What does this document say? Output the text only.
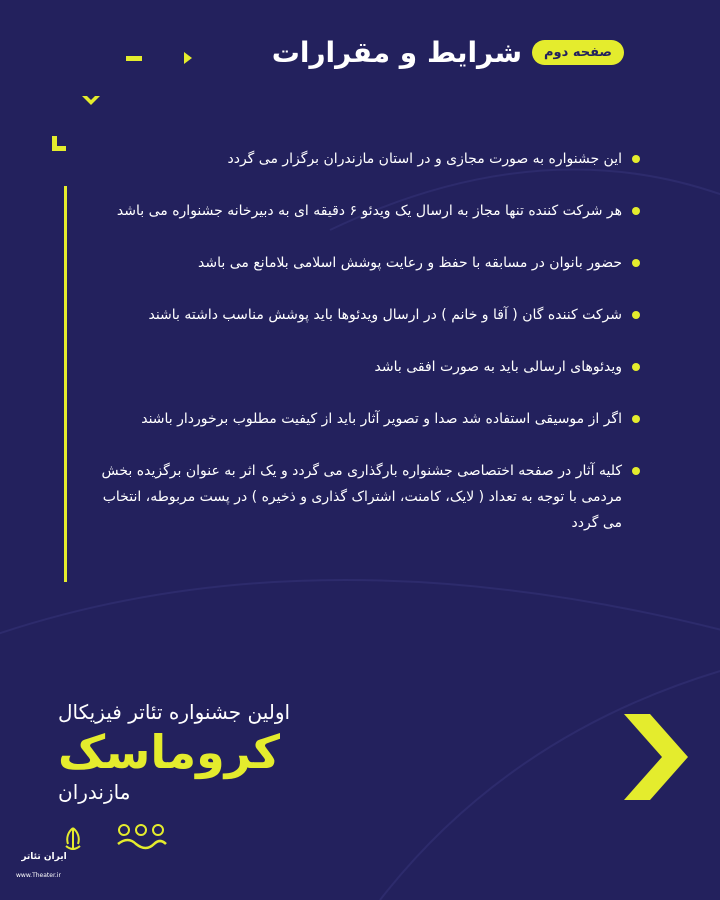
شرایط و مقرارات	صفحه دوم
این جشنواره به صورت مجازی و در استان مازندران برگزار می گردد
هر شرکت کننده تنها مجاز به ارسال یک ویدئو ۶ دقیقه ای به دبیرخانه جشنواره می باشد
حضور بانوان در مسابقه با حفظ و رعایت پوشش اسلامی بلامانع می باشد
شرکت کننده گان ( آقا و خانم ) در ارسال ویدئوها باید پوشش مناسب داشته باشند
ویدئوهای ارسالی باید به صورت افقی باشد
اگر از موسیقی استفاده شد صدا و تصویر آثار باید از کیفیت مطلوب برخوردار باشند
کلیه آثار در صفحه اختصاصی جشنواره بارگذاری می گردد و یک اثر به عنوان برگزیده بخش مردمی با توجه به تعداد ( لایک، کامنت، اشتراک گذاری و ذخیره ) در پست مربوطه، انتخاب می گردد
اولین جشنواره تئاتر فیزیکال
کروماسک
مازندران
ایران تئاتر
www.Theater.ir
